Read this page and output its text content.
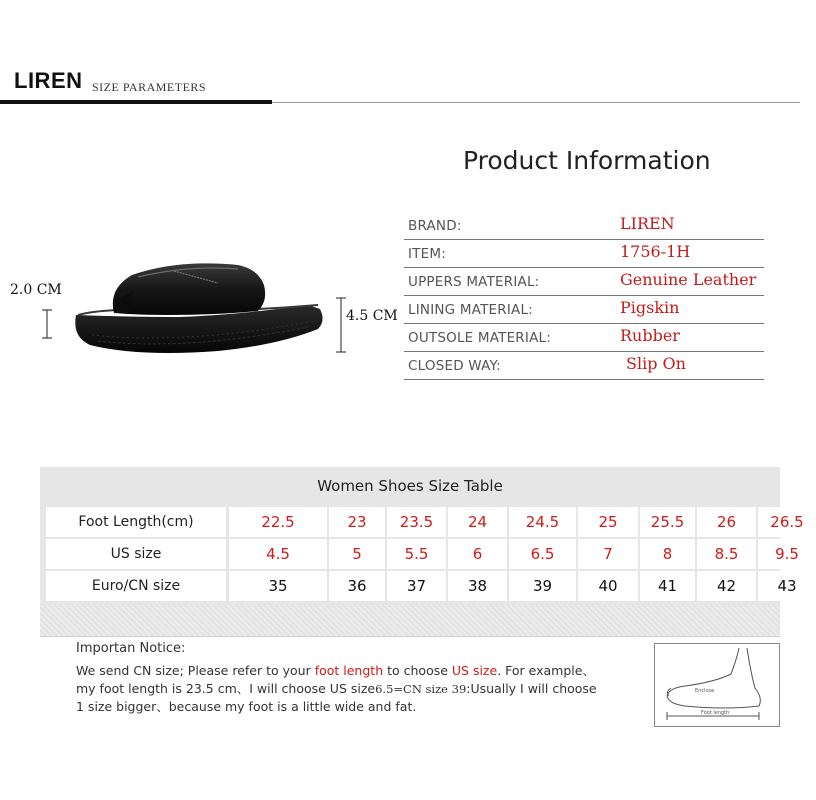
LIREN SIZE PARAMETERS
2.0 CM
4.5 CM
Product Information
BRAND:	LIREN
ITEM:	1756-1H
UPPERS MATERIAL:	Genuine Leather
LINING MATERIAL:	Pigskin
OUTSOLE MATERIAL:	Rubber
CLOSED WAY:	Slip On
Women Shoes Size Table
Foot Length(cm)	22.5	23	23.5	24	24.5	25	25.5	26	26.5
US size	4.5	5	5.5	6	6.5	7	8	8.5	9.5
Euro/CN size	35	36	37	38	39	40	41	42	43
Importan Notice:
We send CN size; Please refer to your foot length to choose US size. For example、
my foot length is 23.5 cm、I will choose US size6.5=CN size 39:Usually I will choose
1 size bigger、because my foot is a little wide and fat.
Enclose
Foot length
